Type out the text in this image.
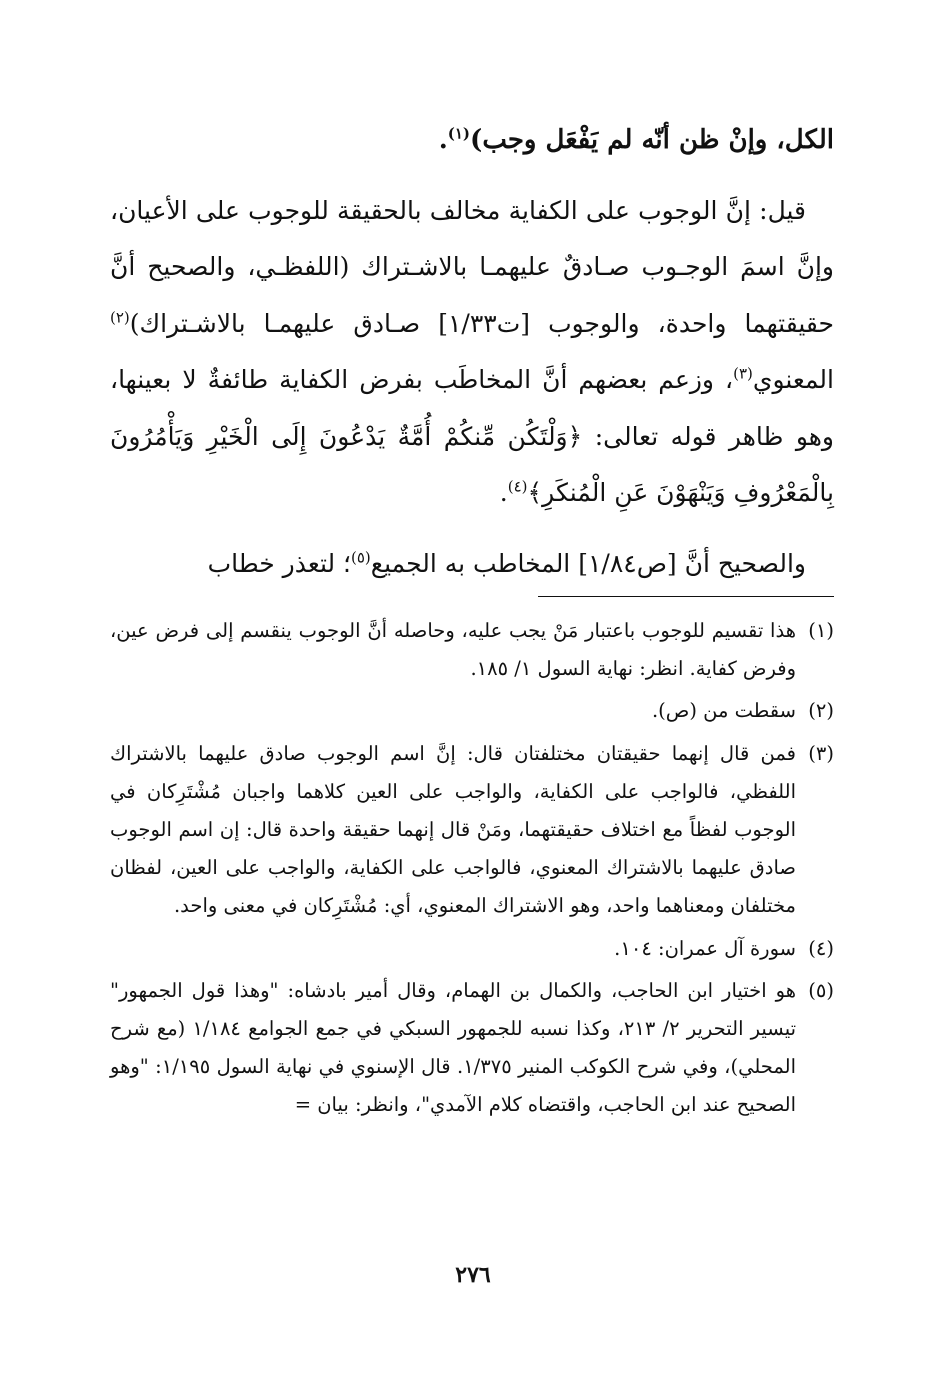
الكل، وإنْ ظن أنّه لم يَفْعَل وجب)$^{(١)}$.

قيل: إنَّ الوجوب على الكفاية مخالف بالحقيقة للوجوب على الأعيان، وإنَّ اسمَ الوجـوب صـادقٌ عليهمـا بالاشـتراك (اللفظـي، والصحيح أنَّ حقيقتهما واحدة، والوجوب [ت١/٣٣] صـادق عليهمـا بالاشـتراك)$^{(٢)}$ المعنوي$^{(٣)}$، وزعم بعضهم أنَّ المخاطَب بفرض الكفاية طائفةٌ لا بعينها، وهو ظاهر قوله تعالى: ﴿وَلْتَكُن مِّنكُمْ أُمَّةٌ يَدْعُونَ إِلَى الْخَيْرِ وَيَأْمُرُونَ بِالْمَعْرُوفِ وَيَنْهَوْنَ عَنِ الْمُنكَرِ﴾$^{(٤)}$.

والصحيح أنَّ [ص١/٨٤] المخاطب به الجميع$^{(٥)}$؛ لتعذر خطاب

(١)
هذا تقسيم للوجوب باعتبار مَنْ يجب عليه، وحاصله أنَّ الوجوب ينقسم إلى فرض عين، وفرض كفاية. انظر: نهاية السول ١/ ١٨٥.
(٢)
سقطت من (ص).
(٣)
فمن قال إنهما حقيقتان مختلفتان قال: إنَّ اسم الوجوب صادق عليهما بالاشتراك اللفظي، فالواجب على الكفاية، والواجب على العين كلاهما واجبان مُشْتَرِكان في الوجوب لفظاً مع اختلاف حقيقتهما، ومَنْ قال إنهما حقيقة واحدة قال: إن اسم الوجوب صادق عليهما بالاشتراك المعنوي، فالواجب على الكفاية، والواجب على العين، لفظان مختلفان ومعناهما واحد، وهو الاشتراك المعنوي، أي: مُشْتَرِكان في معنى واحد.
(٤)
سورة آل عمران: ١٠٤.
(٥)
هو اختيار ابن الحاجب، والكمال بن الهمام، وقال أمير بادشاه: "وهذا قول الجمهور" تيسير التحرير ٢/ ٢١٣، وكذا نسبه للجمهور السبكي في جمع الجوامع ١/١٨٤ (مع شرح المحلي)، وفي شرح الكوكب المنير ١/٣٧٥. قال الإسنوي في نهاية السول ١/١٩٥: "وهو الصحيح عند ابن الحاجب، واقتضاه كلام الآمدي"، وانظر: بيان =
٢٧٦
